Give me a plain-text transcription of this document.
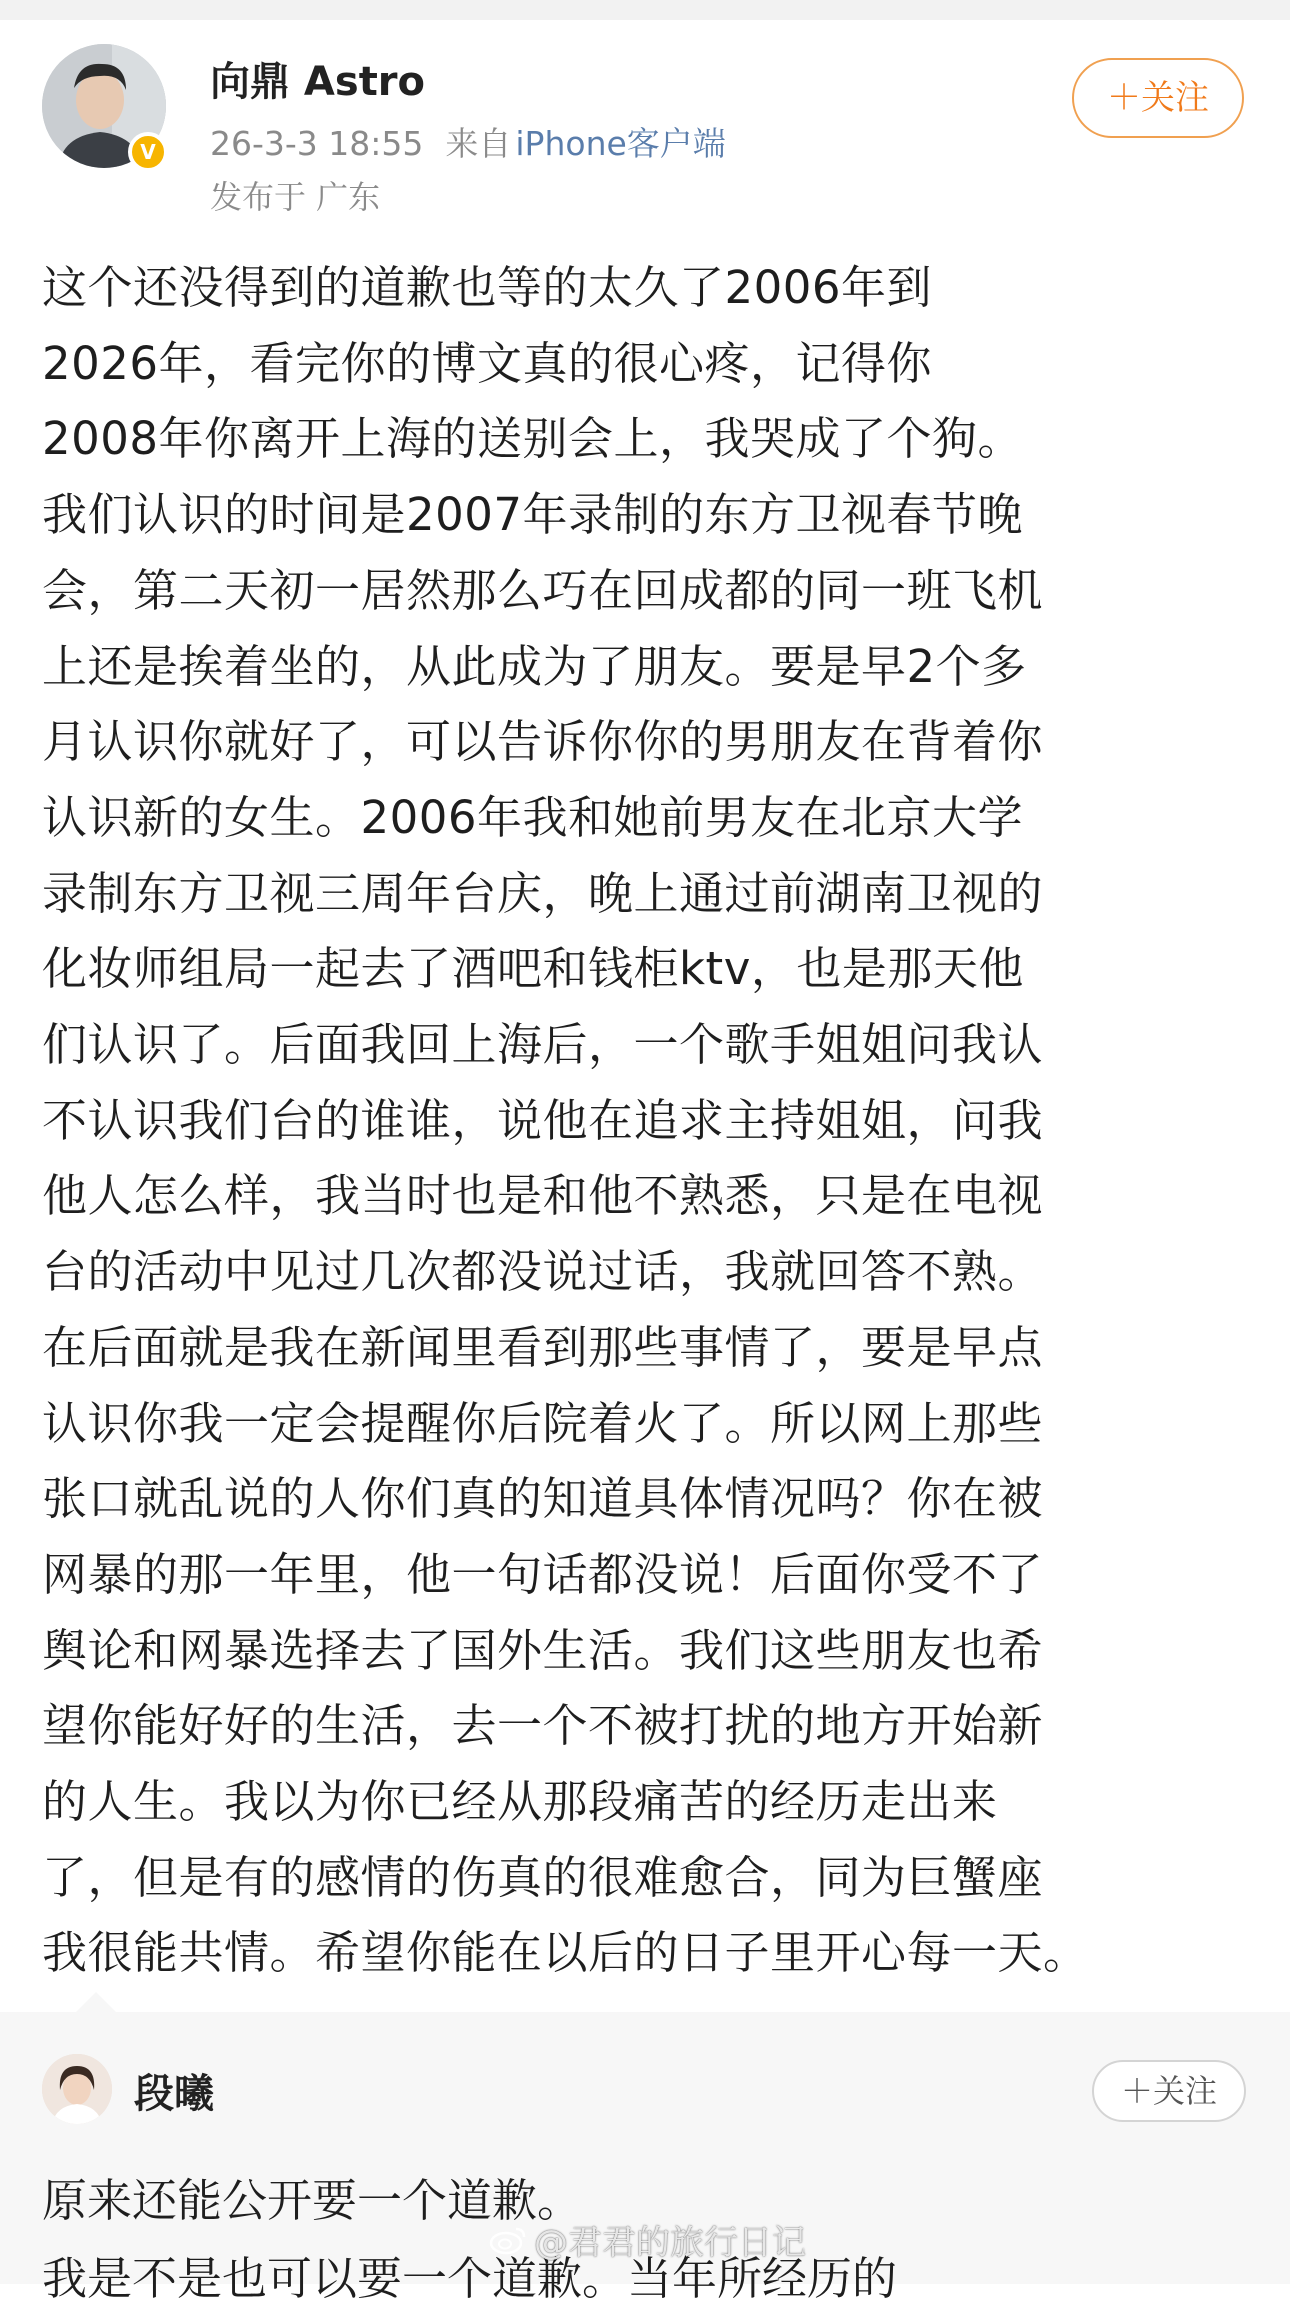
V
向鼎 Astro
26-3-3 18:55 来自 iPhone客户端
发布于 广东
＋关注
这个还没得到的道歉也等的太久了2006年到
2026年，看完你的博文真的很心疼，记得你
2008年你离开上海的送别会上，我哭成了个狗。
我们认识的时间是2007年录制的东方卫视春节晚
会，第二天初一居然那么巧在回成都的同一班飞机
上还是挨着坐的，从此成为了朋友。要是早2个多
月认识你就好了，可以告诉你你的男朋友在背着你
认识新的女生。2006年我和她前男友在北京大学
录制东方卫视三周年台庆，晚上通过前湖南卫视的
化妆师组局一起去了酒吧和钱柜ktv，也是那天他
们认识了。后面我回上海后，一个歌手姐姐问我认
不认识我们台的谁谁，说他在追求主持姐姐，问我
他人怎么样，我当时也是和他不熟悉，只是在电视
台的活动中见过几次都没说过话，我就回答不熟。
在后面就是我在新闻里看到那些事情了，要是早点
认识你我一定会提醒你后院着火了。所以网上那些
张口就乱说的人你们真的知道具体情况吗？你在被
网暴的那一年里，他一句话都没说！后面你受不了
舆论和网暴选择去了国外生活。我们这些朋友也希
望你能好好的生活，去一个不被打扰的地方开始新
的人生。我以为你已经从那段痛苦的经历走出来
了，但是有的感情的伤真的很难愈合，同为巨蟹座
我很能共情。希望你能在以后的日子里开心每一天。
段曦	＋关注
原来还能公开要一个道歉。
我是不是也可以要一个道歉。当年所经历的
@君君的旅行日记
